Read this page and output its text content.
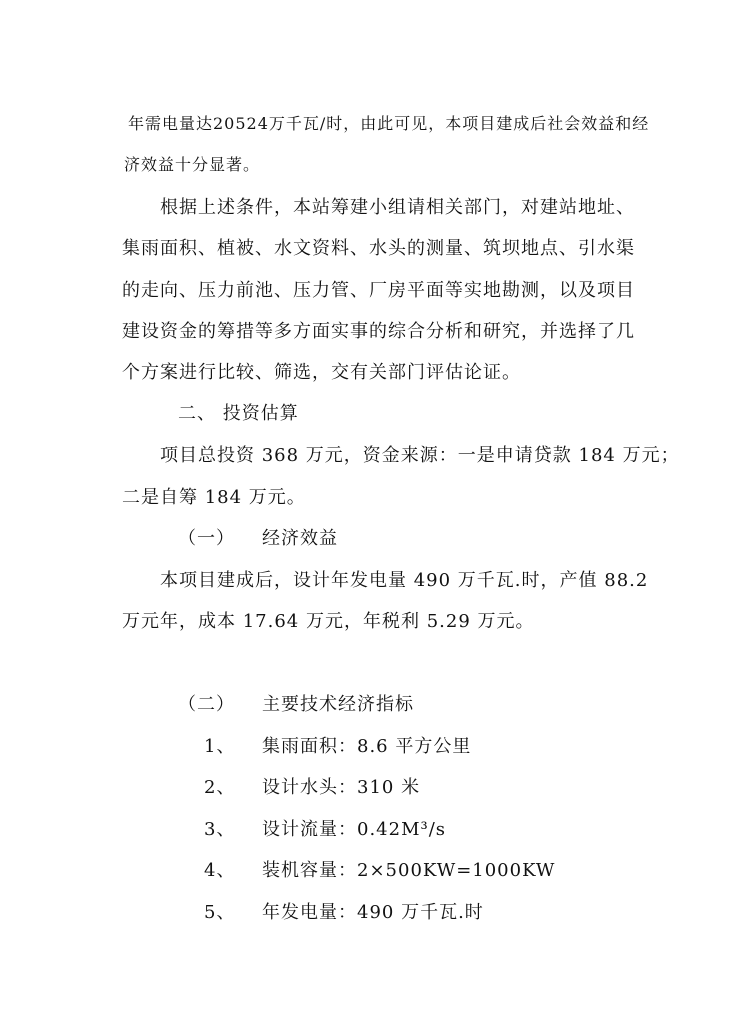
年需电量达20524万千瓦/时，由此可见，本项目建成后社会效益和经
济效益十分显著。
根据上述条件，本站筹建小组请相关部门，对建站地址、
集雨面积、植被、水文资料、水头的测量、筑坝地点、引水渠
的走向、压力前池、压力管、厂房平面等实地勘测，以及项目
建设资金的筹措等多方面实事的综合分析和研究，并选择了几
个方案进行比较、筛选，交有关部门评估论证。
二、 投资估算
项目总投资 368 万元，资金来源：一是申请贷款 184 万元；
二是自筹 184 万元。
（一） 经济效益
本项目建成后，设计年发电量 490 万千瓦.时，产值 88.2
万元年，成本 17.64 万元，年税利 5.29 万元。
（二） 主要技术经济指标
1、 集雨面积：8.6 平方公里
2、 设计水头：310 米
3、 设计流量：0.42M³/s
4、 装机容量：2×500KW=1000KW
5、 年发电量：490 万千瓦.时
